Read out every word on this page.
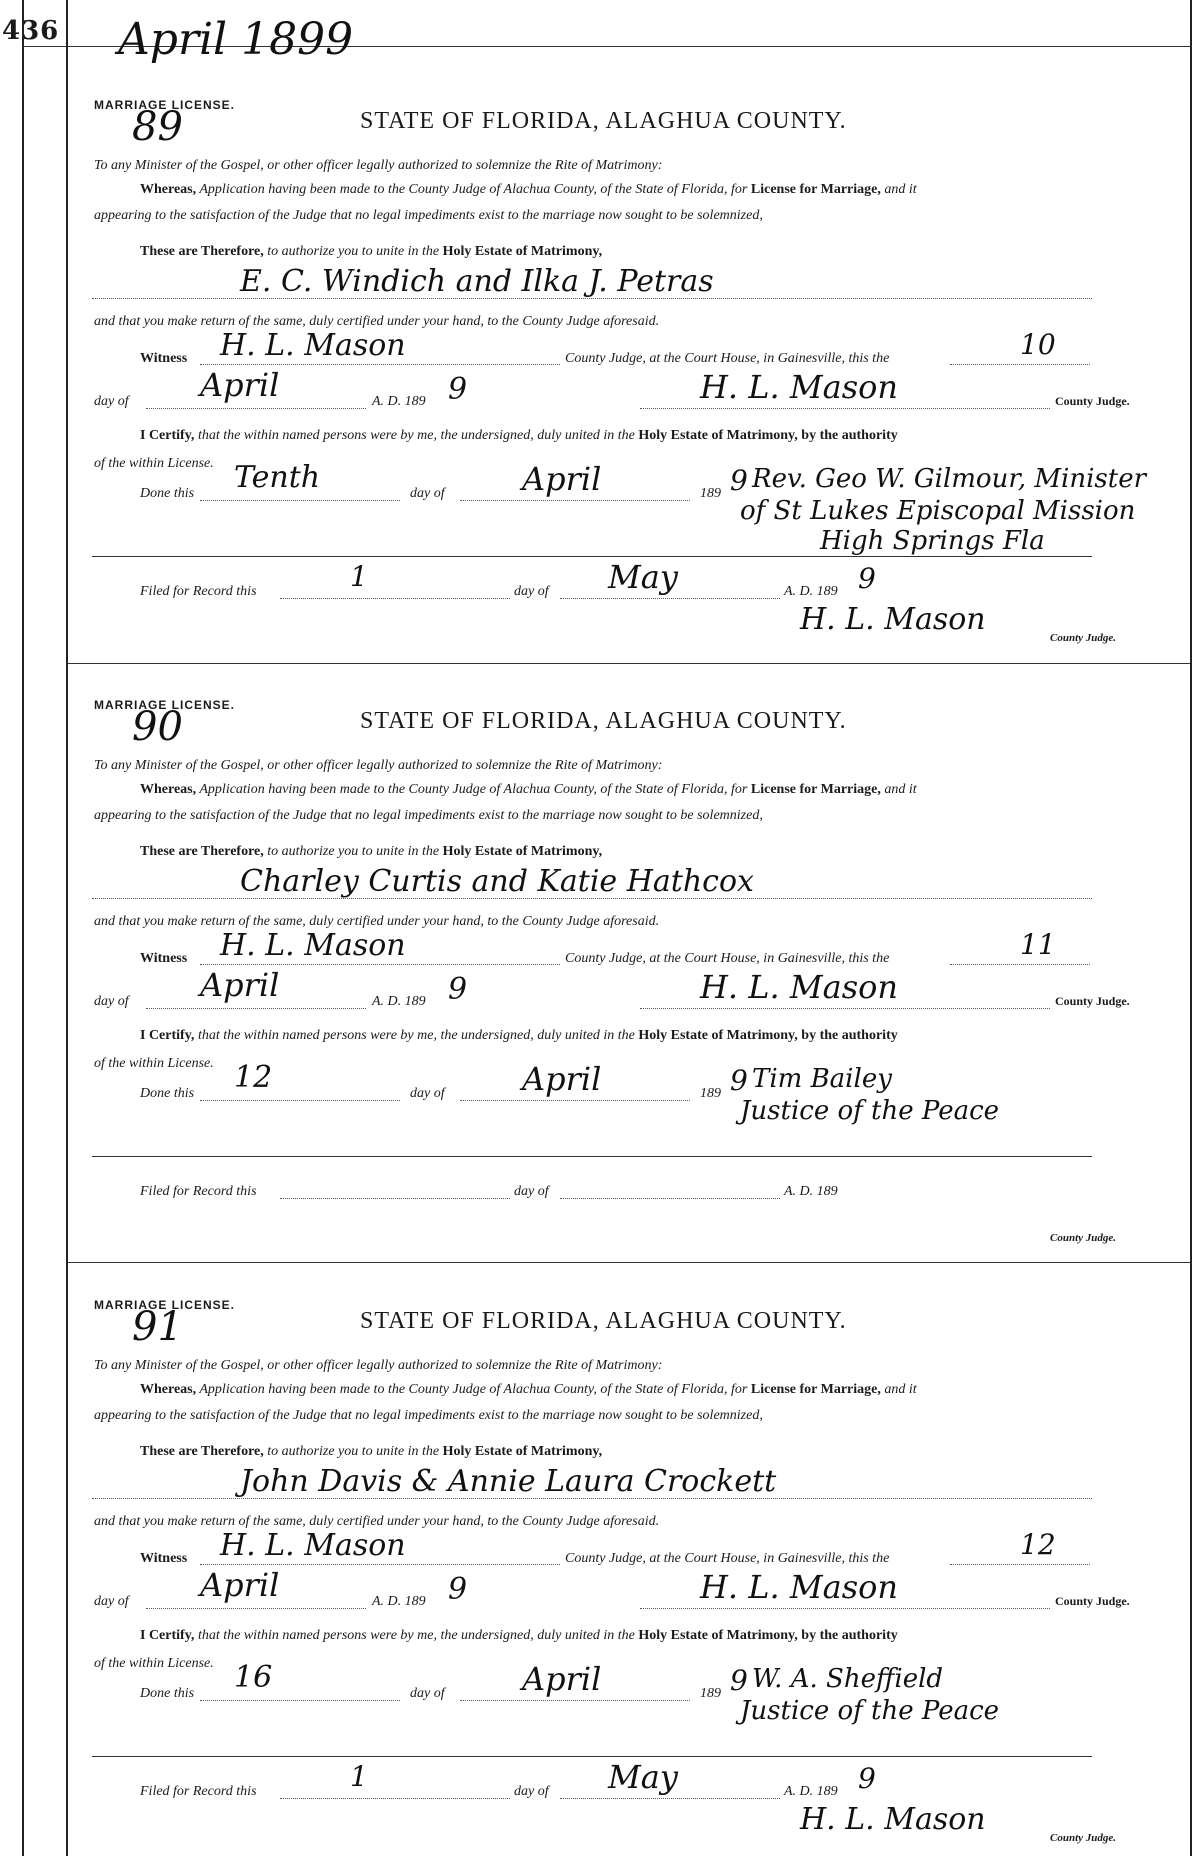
436 April 1899
MARRIAGE LICENSE.
89	STATE OF FLORIDA, ALAGHUA COUNTY.
To any Minister of the Gospel, or other officer legally authorized to solemnize the Rite of Matrimony:
Whereas, Application having been made to the County Judge of Alachua County, of the State of Florida, for License for Marriage, and it
appearing to the satisfaction of the Judge that no legal impediments exist to the marriage now sought to be solemnized,
These are Therefore, to authorize you to unite in the Holy Estate of Matrimony,
E. C. Windich and Ilka J. Petras
and that you make return of the same, duly certified under your hand, to the County Judge aforesaid.
Witness H. L. Mason	County Judge, at the Court House, in Gainesville, this the	10
day of April	A. D. 189 9	H. L. Mason	County Judge.
I Certify, that the within named persons were by me, the undersigned, duly united in the Holy Estate of Matrimony, by the authority
of the within License.
Done this Tenth	day of April	189 9 Rev. Geo W. Gilmour, Minister
of St Lukes Episcopal Mission
High Springs Fla
Filed for Record this	1	day of May	A. D. 189 9
H. L. Mason
County Judge.
MARRIAGE LICENSE.
90	STATE OF FLORIDA, ALAGHUA COUNTY.
To any Minister of the Gospel, or other officer legally authorized to solemnize the Rite of Matrimony:
Whereas, Application having been made to the County Judge of Alachua County, of the State of Florida, for License for Marriage, and it
appearing to the satisfaction of the Judge that no legal impediments exist to the marriage now sought to be solemnized,
These are Therefore, to authorize you to unite in the Holy Estate of Matrimony,
Charley Curtis and Katie Hathcox
and that you make return of the same, duly certified under your hand, to the County Judge aforesaid.
Witness H. L. Mason	County Judge, at the Court House, in Gainesville, this the	11
day of April	A. D. 189 9	H. L. Mason	County Judge.
I Certify, that the within named persons were by me, the undersigned, duly united in the Holy Estate of Matrimony, by the authority
of the within License.
Done this 12	day of April	189 9 Tim Bailey
Justice of the Peace
Filed for Record this	day of	A. D. 189
County Judge.
MARRIAGE LICENSE.
91	STATE OF FLORIDA, ALAGHUA COUNTY.
To any Minister of the Gospel, or other officer legally authorized to solemnize the Rite of Matrimony:
Whereas, Application having been made to the County Judge of Alachua County, of the State of Florida, for License for Marriage, and it
appearing to the satisfaction of the Judge that no legal impediments exist to the marriage now sought to be solemnized,
These are Therefore, to authorize you to unite in the Holy Estate of Matrimony,
John Davis & Annie Laura Crockett
and that you make return of the same, duly certified under your hand, to the County Judge aforesaid.
Witness H. L. Mason	County Judge, at the Court House, in Gainesville, this the	12
day of April	A. D. 189 9	H. L. Mason	County Judge.
I Certify, that the within named persons were by me, the undersigned, duly united in the Holy Estate of Matrimony, by the authority
of the within License.
Done this 16	day of April	189 9 W. A. Sheffield
Justice of the Peace
Filed for Record this	1	day of May	A. D. 189 9
H. L. Mason
County Judge.
